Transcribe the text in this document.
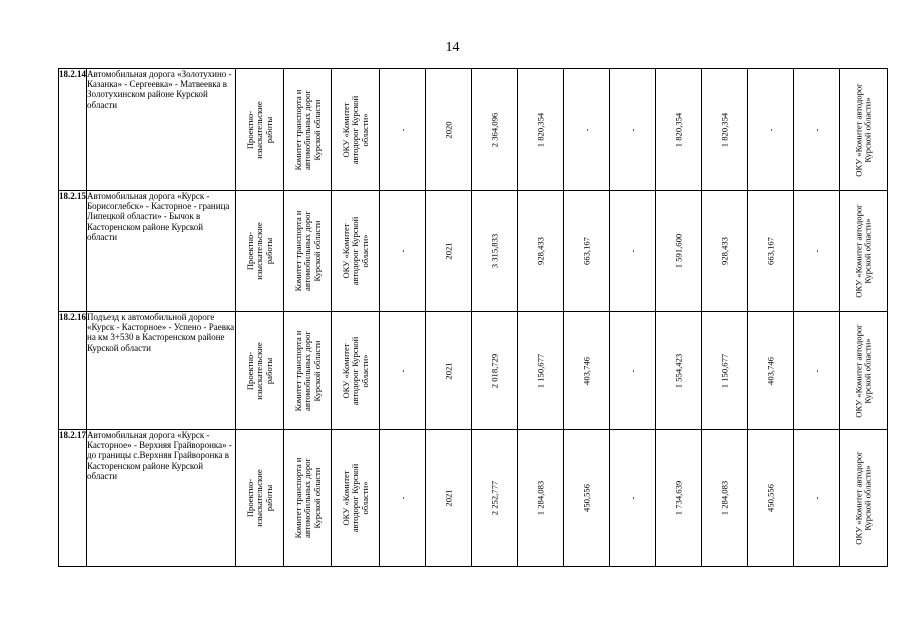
14
18.2.14	Автомобильная дорога «Золотухино - Казанка» - Сергеевка» - Матвеевка в Золотухинском районе Курской области	Проектно-
изыскательские
работы	Комитет транспорта и
автомобильных дорог
Курской области	ОКУ «Комитет
автодорог Курской
области»	-	2020	2 364,096	1 820,354	-	-	1 820,354	1 820,354	-	-	ОКУ «Комитет автодорог
Курской области»

18.2.15	Автомобильная дорога «Курск - Борисоглебск» - Касторное - граница Липецкой области» - Бычок в Касторенском районе Курской области	Проектно-
изыскательские
работы	Комитет транспорта и
автомобильных дорог
Курской области	ОКУ «Комитет
автодорог Курской
области»	-	2021	3 315,833	928,433	663,167	-	1 591,600	928,433	663,167	-	ОКУ «Комитет автодорог
Курской области»

18.2.16	Подъезд к автомобильной дороге «Курск - Касторное» - Успено - Раевка на км 3+530 в Касторенском районе Курской области	Проектно-
изыскательские
работы	Комитет транспорта и
автомобильных дорог
Курской области	ОКУ «Комитет
автодорог Курской
области»	-	2021	2 018,729	1 150,677	403,746	-	1 554,423	1 150,677	403,746	-	ОКУ «Комитет автодорог
Курской области»

18.2.17	Автомобильная дорога «Курск - Касторное» - Верхняя Грайворонка» - до границы с.Верхняя Грайворонка в Касторенском районе Курской области	Проектно-
изыскательские
работы	Комитет транспорта и
автомобильных дорог
Курской области	ОКУ «Комитет
автодорог Курской
области»	-	2021	2 252,777	1 284,083	450,556	-	1 734,639	1 284,083	450,556	-	ОКУ «Комитет автодорог
Курской области»
